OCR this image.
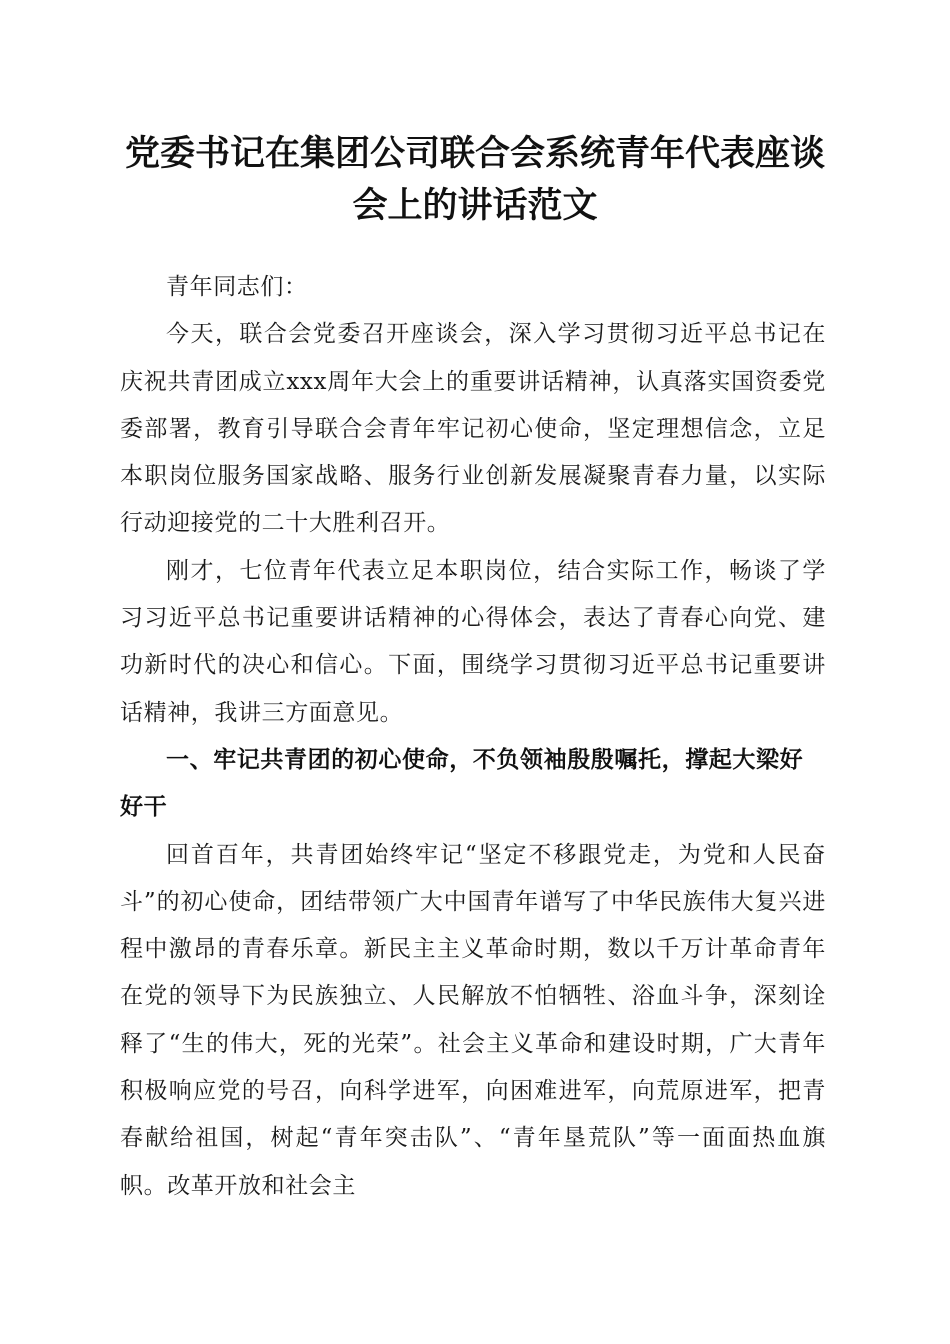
党委书记在集团公司联合会系统青年代表座谈
会上的讲话范文

青年同志们：

今天，联合会党委召开座谈会，深入学习贯彻习近平总书记在庆祝共青团成立xxx周年大会上的重要讲话精神，认真落实国资委党委部署，教育引导联合会青年牢记初心使命，坚定理想信念，立足本职岗位服务国家战略、服务行业创新发展凝聚青春力量，以实际行动迎接党的二十大胜利召开。

刚才，七位青年代表立足本职岗位，结合实际工作，畅谈了学习习近平总书记重要讲话精神的心得体会，表达了青春心向党、建功新时代的决心和信心。下面，围绕学习贯彻习近平总书记重要讲话精神，我讲三方面意见。

一、牢记共青团的初心使命，不负领袖殷殷嘱托，撑起大梁好好干

回首百年，共青团始终牢记“坚定不移跟党走，为党和人民奋斗”的初心使命，团结带领广大中国青年谱写了中华民族伟大复兴进程中激昂的青春乐章。新民主主义革命时期，数以千万计革命青年在党的领导下为民族独立、人民解放不怕牺牲、浴血斗争，深刻诠释了“生的伟大，死的光荣”。社会主义革命和建设时期，广大青年积极响应党的号召，向科学进军，向困难进军，向荒原进军，把青春献给祖国，树起“青年突击队”、“青年垦荒队”等一面面热血旗帜。改革开放和社会主
